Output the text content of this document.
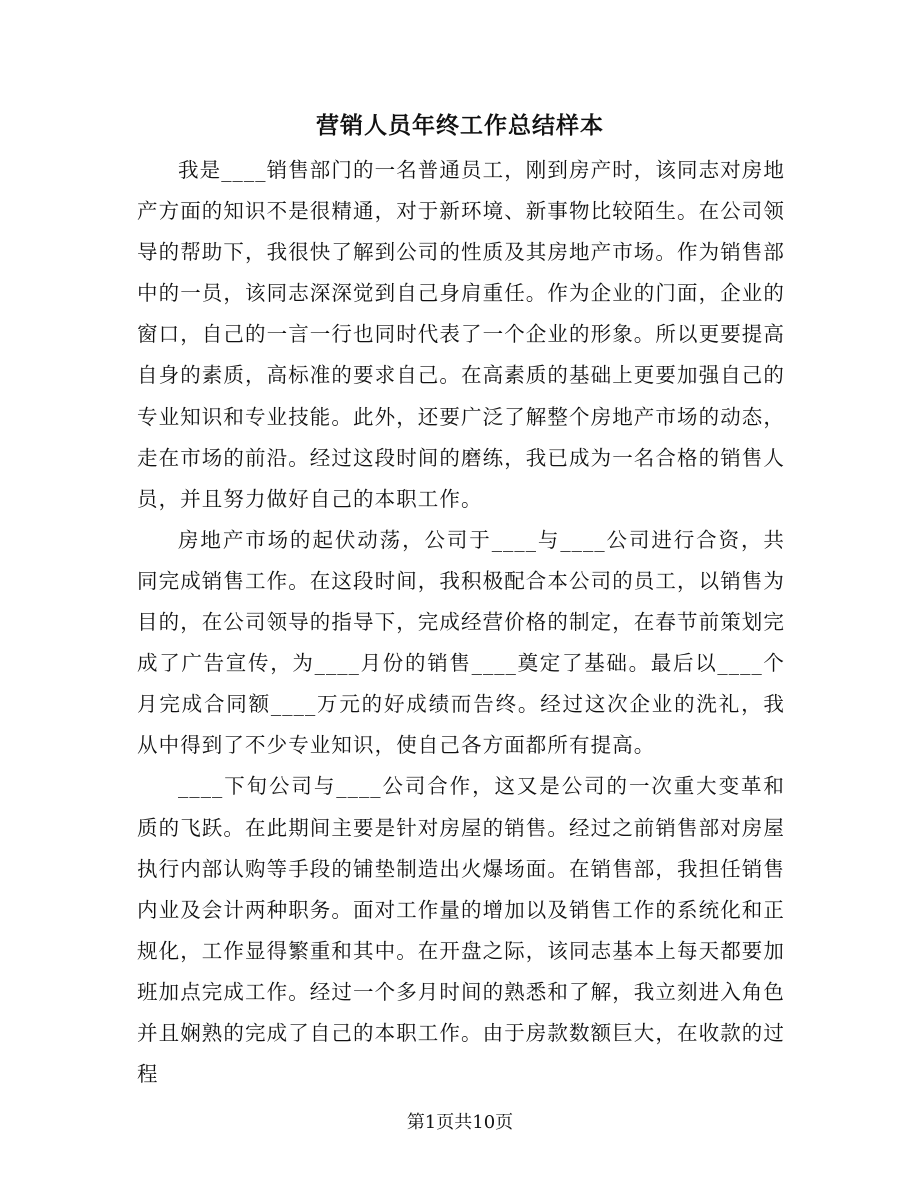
营销人员年终工作总结样本

我是____销售部门的一名普通员工，刚到房产时，该同志对房地产方面的知识不是很精通，对于新环境、新事物比较陌生。在公司领导的帮助下，我很快了解到公司的性质及其房地产市场。作为销售部中的一员，该同志深深觉到自己身肩重任。作为企业的门面，企业的窗口，自己的一言一行也同时代表了一个企业的形象。所以更要提高自身的素质，高标准的要求自己。在高素质的基础上更要加强自己的专业知识和专业技能。此外，还要广泛了解整个房地产市场的动态，走在市场的前沿。经过这段时间的磨练，我已成为一名合格的销售人员，并且努力做好自己的本职工作。

房地产市场的起伏动荡，公司于____与____公司进行合资，共同完成销售工作。在这段时间，我积极配合本公司的员工，以销售为目的，在公司领导的指导下，完成经营价格的制定，在春节前策划完成了广告宣传，为____月份的销售____奠定了基础。最后以____个月完成合同额____万元的好成绩而告终。经过这次企业的洗礼，我从中得到了不少专业知识，使自己各方面都所有提高。

____下旬公司与____公司合作，这又是公司的一次重大变革和质的飞跃。在此期间主要是针对房屋的销售。经过之前销售部对房屋执行内部认购等手段的铺垫制造出火爆场面。在销售部，我担任销售内业及会计两种职务。面对工作量的增加以及销售工作的系统化和正规化，工作显得繁重和其中。在开盘之际，该同志基本上每天都要加班加点完成工作。经过一个多月时间的熟悉和了解，我立刻进入角色并且娴熟的完成了自己的本职工作。由于房款数额巨大，在收款的过程

第1页共10页
